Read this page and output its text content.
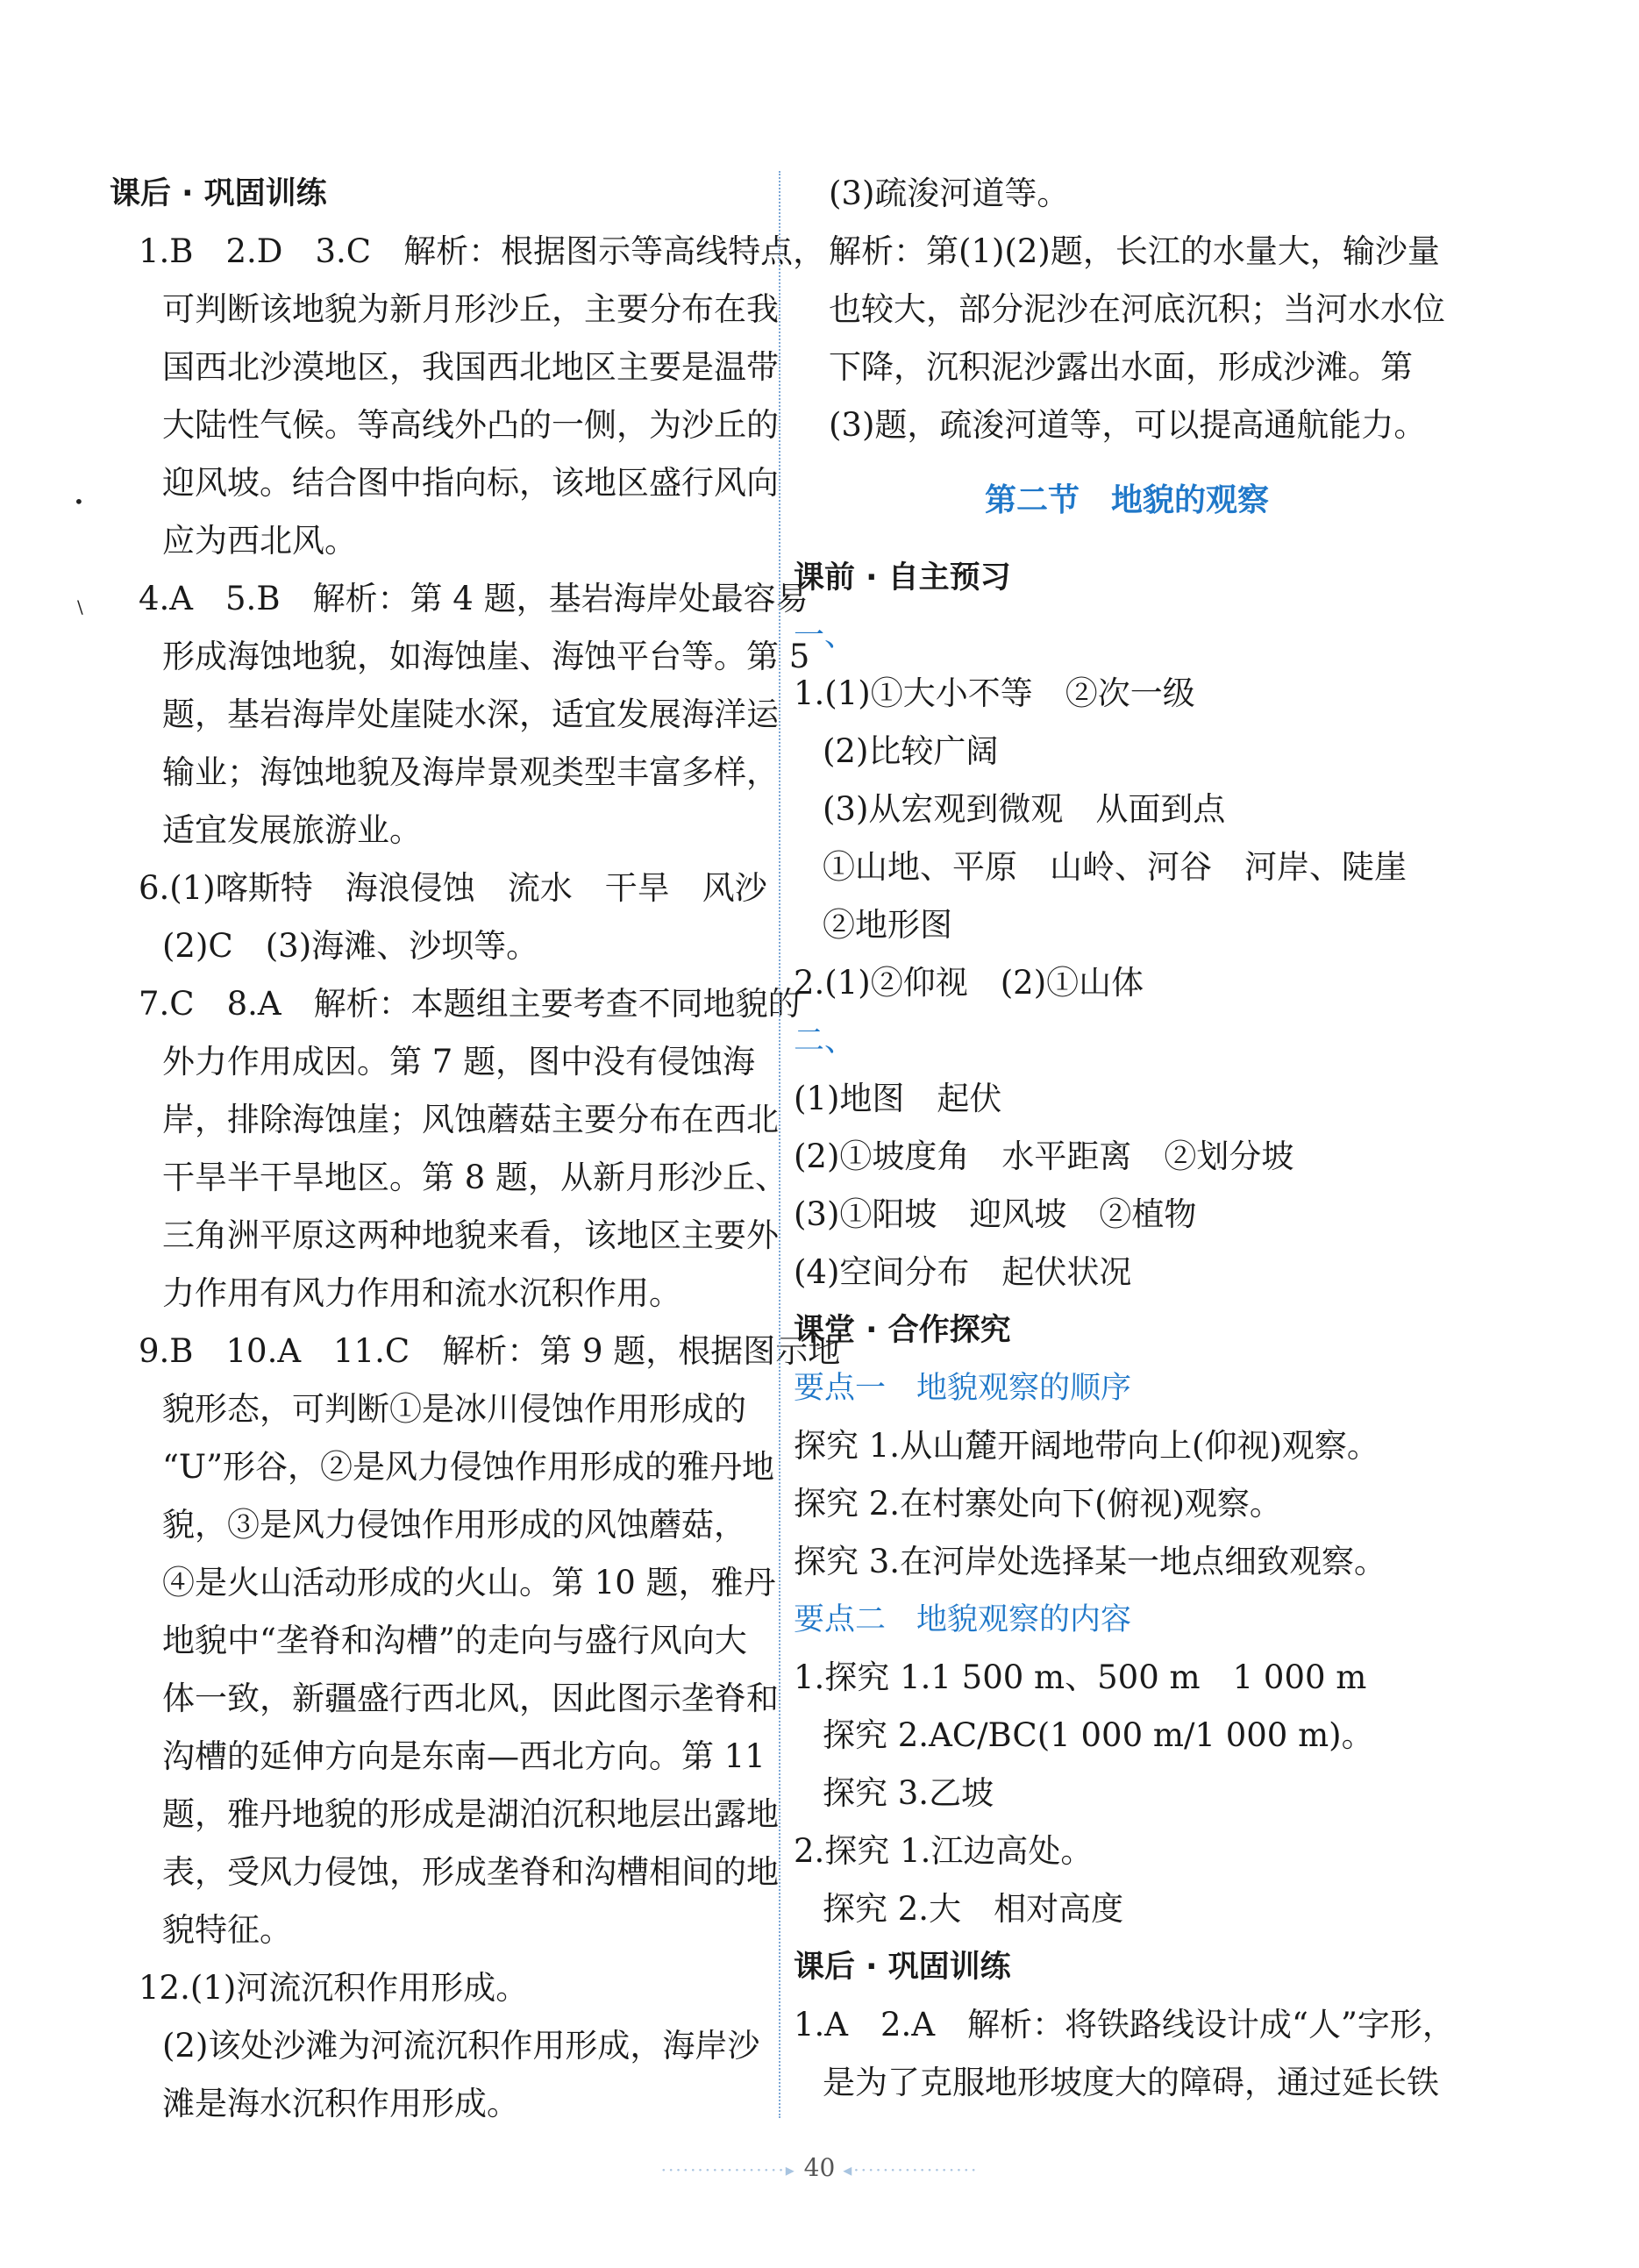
课后 · 巩固训练
1.B　2.D　3.C　解析：根据图示等高线特点，
可判断该地貌为新月形沙丘，主要分布在我
国西北沙漠地区，我国西北地区主要是温带
大陆性气候。等高线外凸的一侧，为沙丘的
迎风坡。结合图中指向标，该地区盛行风向
应为西北风。
4.A　5.B　解析：第 4 题，基岩海岸处最容易
形成海蚀地貌，如海蚀崖、海蚀平台等。第 5
题，基岩海岸处崖陡水深，适宜发展海洋运
输业；海蚀地貌及海岸景观类型丰富多样，
适宜发展旅游业。
6.(1)喀斯特　海浪侵蚀　流水　干旱　风沙
(2)C　(3)海滩、沙坝等。
7.C　8.A　解析：本题组主要考查不同地貌的
外力作用成因。第 7 题，图中没有侵蚀海
岸，排除海蚀崖；风蚀蘑菇主要分布在西北
干旱半干旱地区。第 8 题，从新月形沙丘、
三角洲平原这两种地貌来看，该地区主要外
力作用有风力作用和流水沉积作用。
9.B　10.A　11.C　解析：第 9 题，根据图示地
貌形态，可判断①是冰川侵蚀作用形成的
“U”形谷，②是风力侵蚀作用形成的雅丹地
貌，③是风力侵蚀作用形成的风蚀蘑菇，
④是火山活动形成的火山。第 10 题，雅丹
地貌中“垄脊和沟槽”的走向与盛行风向大
体一致，新疆盛行西北风，因此图示垄脊和
沟槽的延伸方向是东南—西北方向。第 11
题，雅丹地貌的形成是湖泊沉积地层出露地
表，受风力侵蚀，形成垄脊和沟槽相间的地
貌特征。
12.(1)河流沉积作用形成。
(2)该处沙滩为河流沉积作用形成，海岸沙
滩是海水沉积作用形成。
(3)疏浚河道等。
解析：第(1)(2)题，长江的水量大，输沙量
也较大，部分泥沙在河底沉积；当河水水位
下降，沉积泥沙露出水面，形成沙滩。第
(3)题，疏浚河道等，可以提高通航能力。
第二节　地貌的观察
课前 · 自主预习
一、
1.(1)①大小不等　②次一级
(2)比较广阔
(3)从宏观到微观　从面到点
①山地、平原　山岭、河谷　河岸、陡崖
②地形图
2.(1)②仰视　(2)①山体
二、
(1)地图　起伏
(2)①坡度角　水平距离　②划分坡
(3)①阳坡　迎风坡　②植物
(4)空间分布　起伏状况
课堂 · 合作探究
要点一　地貌观察的顺序
探究 1.从山麓开阔地带向上(仰视)观察。
探究 2.在村寨处向下(俯视)观察。
探究 3.在河岸处选择某一地点细致观察。
要点二　地貌观察的内容
1.探究 1.1 500 m、500 m　1 000 m
探究 2.AC/BC(1 000 m/1 000 m)。
探究 3.乙坡
2.探究 1.江边高处。
探究 2.大　相对高度
课后 · 巩固训练
1.A　2.A　解析：将铁路线设计成“人”字形，
是为了克服地形坡度大的障碍，通过延长铁
•
\
·················▸ 40 ◂·················
